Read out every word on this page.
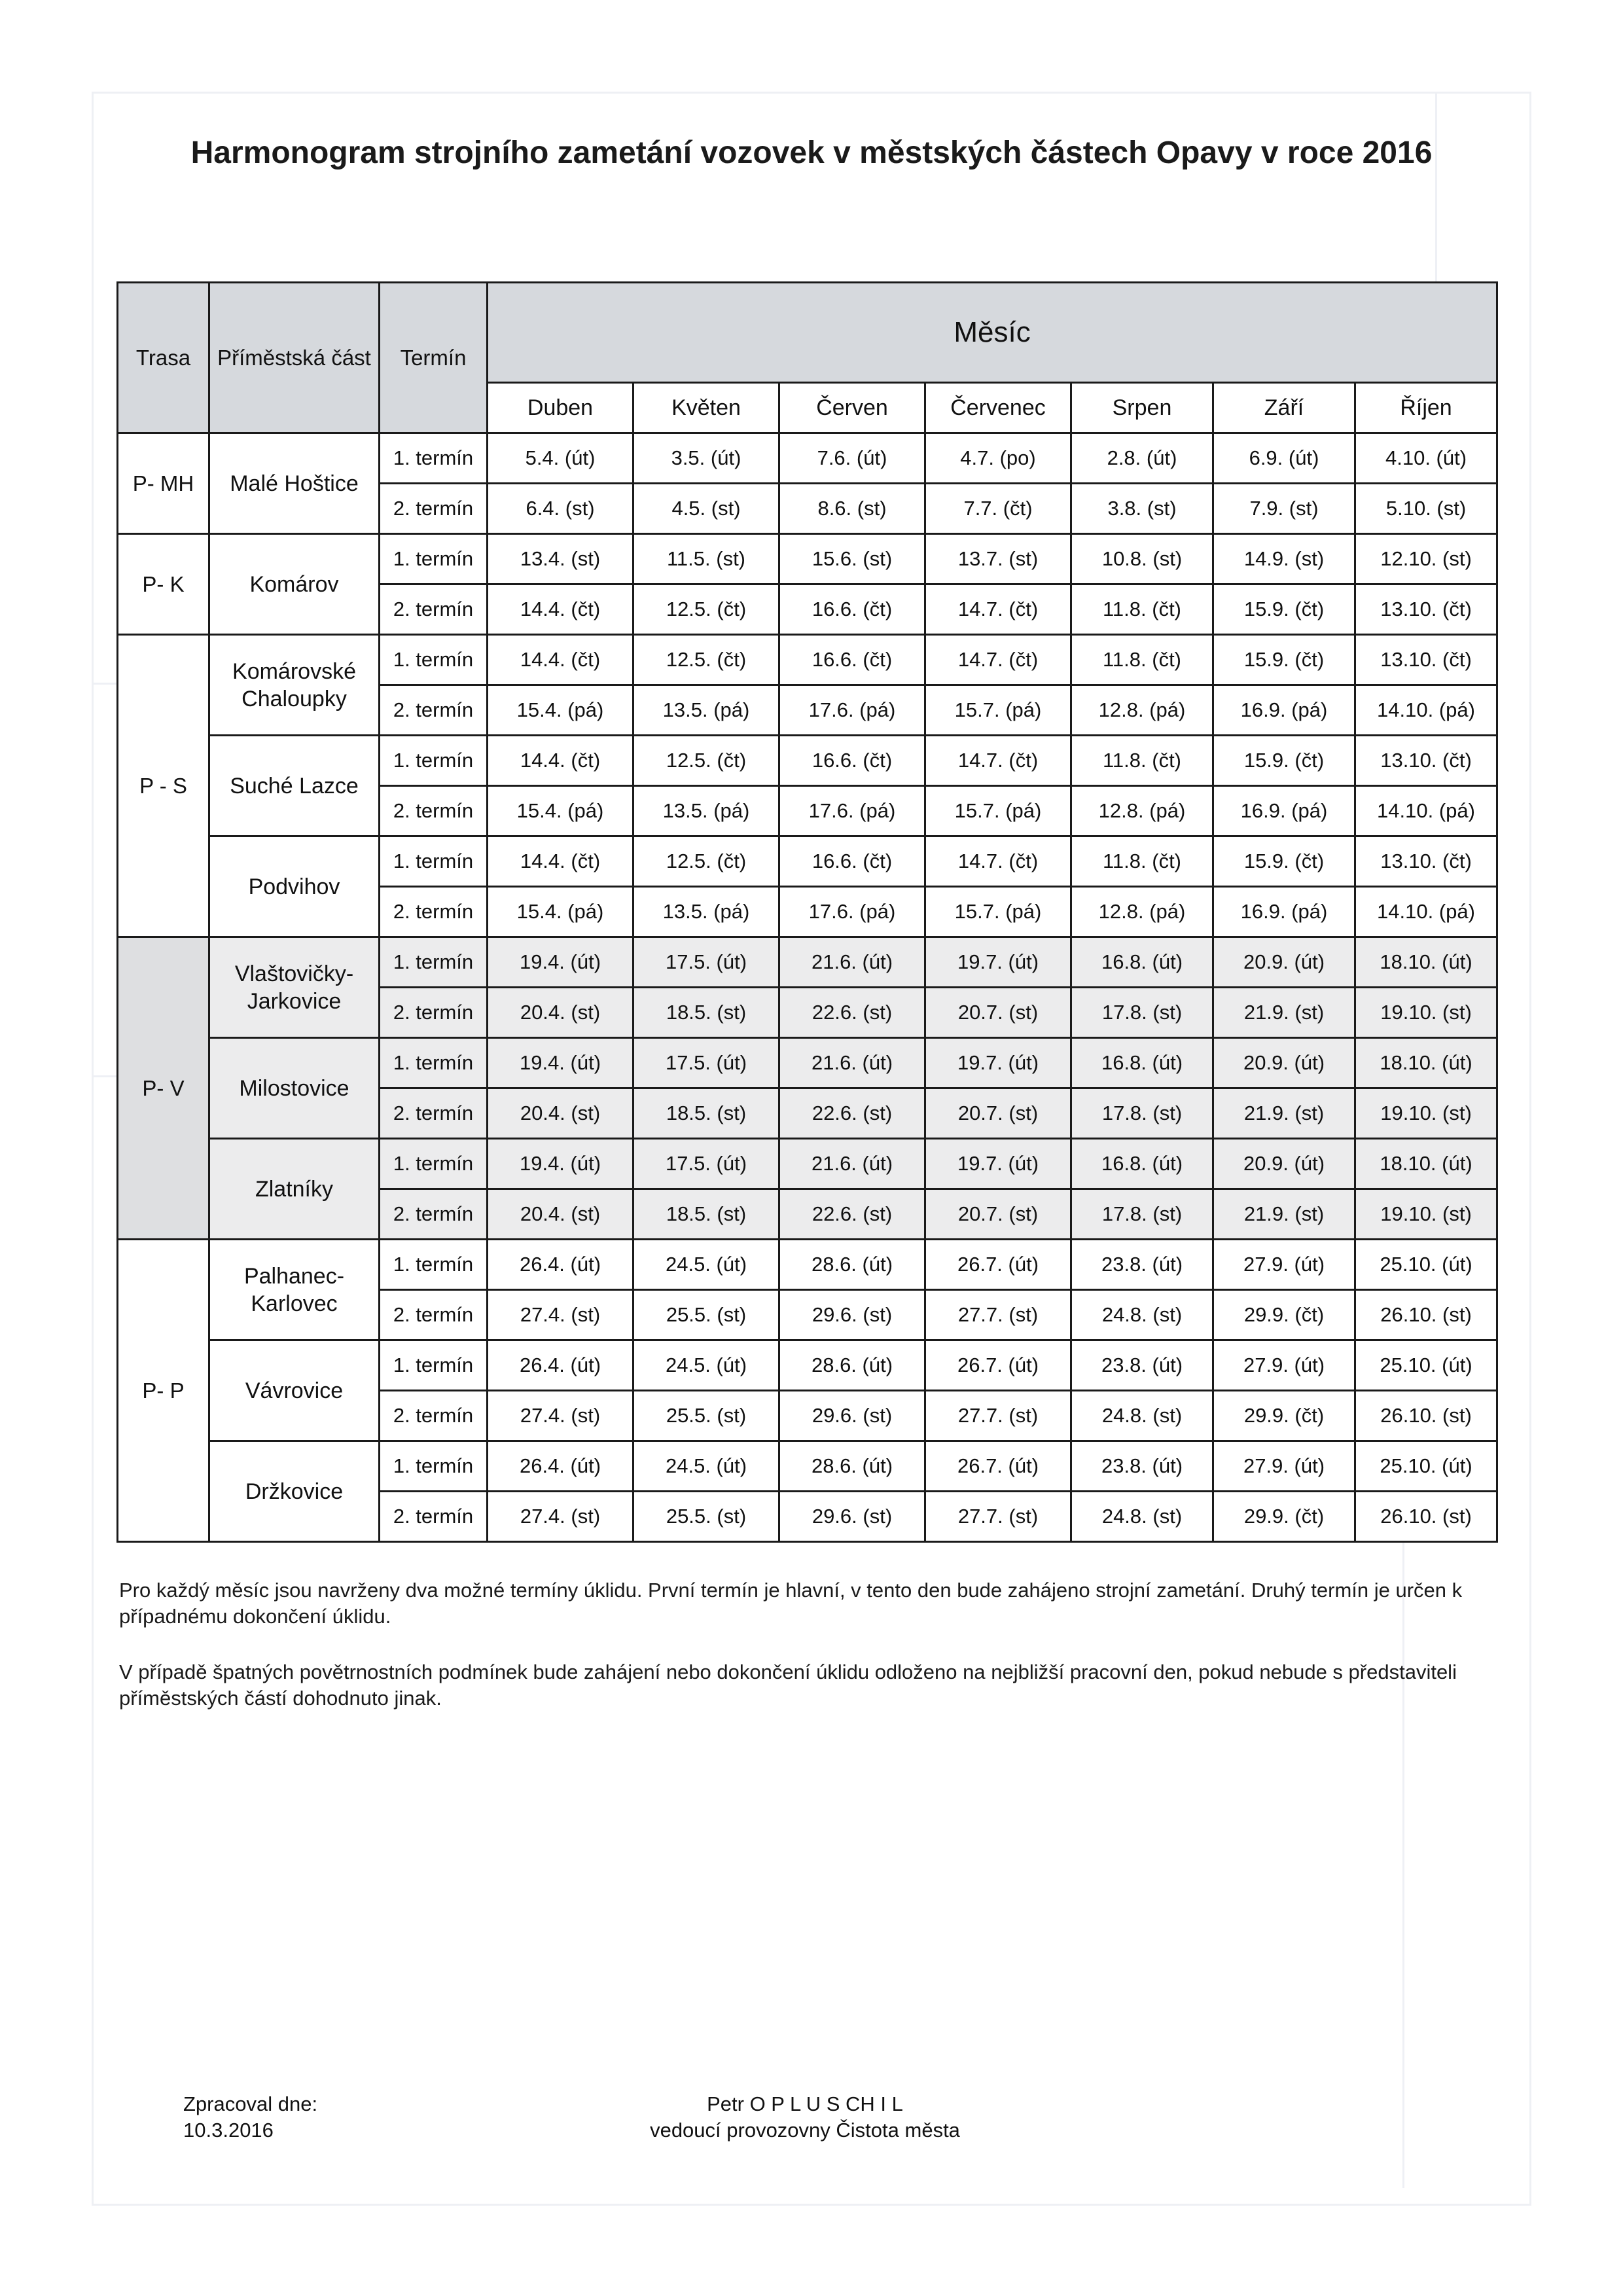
Harmonogram strojního zametání vozovek v městských částech Opavy v roce 2016
Trasa	Příměstská část	Termín	Měsíc						
			Duben	Květen	Červen	Červenec	Srpen	Září	Říjen
P- MH	Malé Hoštice	1. termín	5.4. (út)	3.5. (út)	7.6. (út)	4.7. (po)	2.8. (út)	6.9. (út)	4.10. (út)
		2. termín	6.4. (st)	4.5. (st)	8.6. (st)	7.7. (čt)	3.8. (st)	7.9. (st)	5.10. (st)
P- K	Komárov	1. termín	13.4. (st)	11.5. (st)	15.6. (st)	13.7. (st)	10.8. (st)	14.9. (st)	12.10. (st)
		2. termín	14.4. (čt)	12.5. (čt)	16.6. (čt)	14.7. (čt)	11.8. (čt)	15.9. (čt)	13.10. (čt)
P - S	Komárovské Chaloupky	1. termín	14.4. (čt)	12.5. (čt)	16.6. (čt)	14.7. (čt)	11.8. (čt)	15.9. (čt)	13.10. (čt)
		2. termín	15.4. (pá)	13.5. (pá)	17.6. (pá)	15.7. (pá)	12.8. (pá)	16.9. (pá)	14.10. (pá)
	Suché Lazce	1. termín	14.4. (čt)	12.5. (čt)	16.6. (čt)	14.7. (čt)	11.8. (čt)	15.9. (čt)	13.10. (čt)
		2. termín	15.4. (pá)	13.5. (pá)	17.6. (pá)	15.7. (pá)	12.8. (pá)	16.9. (pá)	14.10. (pá)
	Podvihov	1. termín	14.4. (čt)	12.5. (čt)	16.6. (čt)	14.7. (čt)	11.8. (čt)	15.9. (čt)	13.10. (čt)
		2. termín	15.4. (pá)	13.5. (pá)	17.6. (pá)	15.7. (pá)	12.8. (pá)	16.9. (pá)	14.10. (pá)
P- V	Vlaštovičky-Jarkovice	1. termín	19.4. (út)	17.5. (út)	21.6. (út)	19.7. (út)	16.8. (út)	20.9. (út)	18.10. (út)
		2. termín	20.4. (st)	18.5. (st)	22.6. (st)	20.7. (st)	17.8. (st)	21.9. (st)	19.10. (st)
	Milostovice	1. termín	19.4. (út)	17.5. (út)	21.6. (út)	19.7. (út)	16.8. (út)	20.9. (út)	18.10. (út)
		2. termín	20.4. (st)	18.5. (st)	22.6. (st)	20.7. (st)	17.8. (st)	21.9. (st)	19.10. (st)
	Zlatníky	1. termín	19.4. (út)	17.5. (út)	21.6. (út)	19.7. (út)	16.8. (út)	20.9. (út)	18.10. (út)
		2. termín	20.4. (st)	18.5. (st)	22.6. (st)	20.7. (st)	17.8. (st)	21.9. (st)	19.10. (st)
P- P	Palhanec-Karlovec	1. termín	26.4. (út)	24.5. (út)	28.6. (út)	26.7. (út)	23.8. (út)	27.9. (út)	25.10. (út)
		2. termín	27.4. (st)	25.5. (st)	29.6. (st)	27.7. (st)	24.8. (st)	29.9. (čt)	26.10. (st)
	Vávrovice	1. termín	26.4. (út)	24.5. (út)	28.6. (út)	26.7. (út)	23.8. (út)	27.9. (út)	25.10. (út)
		2. termín	27.4. (st)	25.5. (st)	29.6. (st)	27.7. (st)	24.8. (st)	29.9. (čt)	26.10. (st)
	Držkovice	1. termín	26.4. (út)	24.5. (út)	28.6. (út)	26.7. (út)	23.8. (út)	27.9. (út)	25.10. (út)
		2. termín	27.4. (st)	25.5. (st)	29.6. (st)	27.7. (st)	24.8. (st)	29.9. (čt)	26.10. (st)
Pro každý měsíc jsou navrženy dva možné termíny úklidu. První termín je hlavní, v tento den bude zahájeno strojní zametání. Druhý termín je určen k případnému dokončení úklidu.
V případě špatných povětrnostních podmínek bude zahájení nebo dokončení úklidu odloženo na nejbližší pracovní den, pokud nebude s představiteli příměstských částí dohodnuto jinak.
Zpracoval dne:
10.3.2016
Petr O P L U S CH I L
vedoucí provozovny Čistota města
